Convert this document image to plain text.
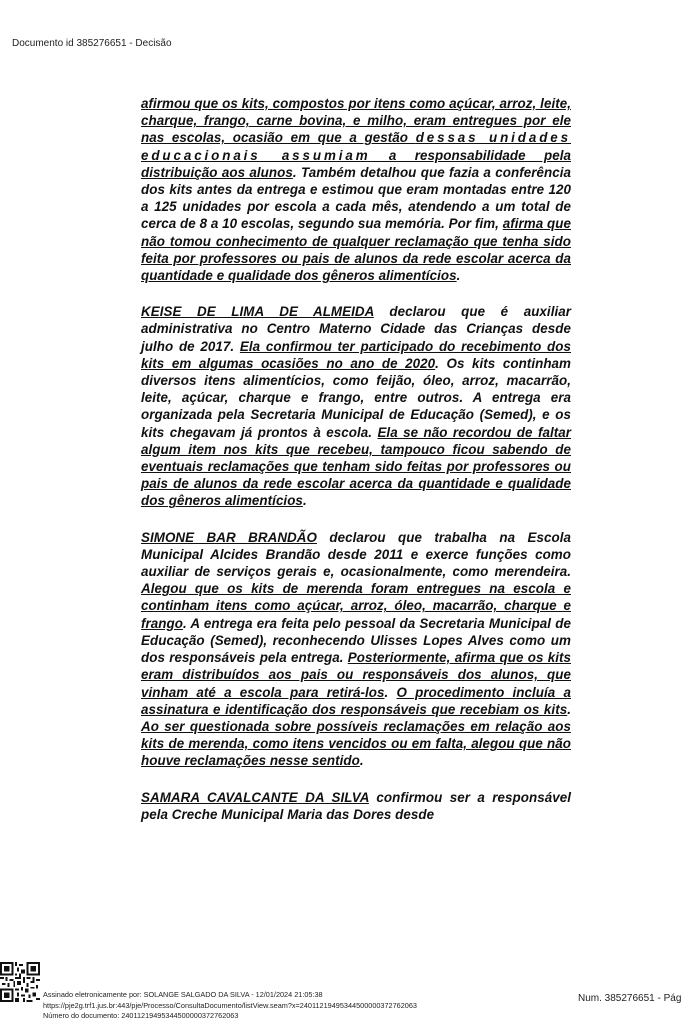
Documento id 385276651 - Decisão

afirmou que os kits, compostos por itens como açúcar, arroz, leite, charque, frango, carne bovina, e milho, eram entregues por ele nas escolas, ocasião em que a gestão dessas unidades educacionais assumiam a responsabilidade pela distribuição aos alunos. Também detalhou que fazia a conferência dos kits antes da entrega e estimou que eram montadas entre 120 a 125 unidades por escola a cada mês, atendendo a um total de cerca de 8 a 10 escolas, segundo sua memória. Por fim, afirma que não tomou conhecimento de qualquer reclamação que tenha sido feita por professores ou pais de alunos da rede escolar acerca da quantidade e qualidade dos gêneros alimentícios.

KEISE DE LIMA DE ALMEIDA declarou que é auxiliar administrativa no Centro Materno Cidade das Crianças desde julho de 2017. Ela confirmou ter participado do recebimento dos kits em algumas ocasiões no ano de 2020. Os kits continham diversos itens alimentícios, como feijão, óleo, arroz, macarrão, leite, açúcar, charque e frango, entre outros. A entrega era organizada pela Secretaria Municipal de Educação (Semed), e os kits chegavam já prontos à escola. Ela se não recordou de faltar algum item nos kits que recebeu, tampouco ficou sabendo de eventuais reclamações que tenham sido feitas por professores ou pais de alunos da rede escolar acerca da quantidade e qualidade dos gêneros alimentícios.

SIMONE BAR BRANDÃO declarou que trabalha na Escola Municipal Alcides Brandão desde 2011 e exerce funções como auxiliar de serviços gerais e, ocasionalmente, como merendeira. Alegou que os kits de merenda foram entregues na escola e continham itens como açúcar, arroz, óleo, macarrão, charque e frango. A entrega era feita pelo pessoal da Secretaria Municipal de Educação (Semed), reconhecendo Ulisses Lopes Alves como um dos responsáveis pela entrega. Posteriormente, afirma que os kits eram distribuídos aos pais ou responsáveis dos alunos, que vinham até a escola para retirá-los. O procedimento incluía a assinatura e identificação dos responsáveis que recebiam os kits. Ao ser questionada sobre possíveis reclamações em relação aos kits de merenda, como itens vencidos ou em falta, alegou que não houve reclamações nesse sentido.

SAMARA CAVALCANTE DA SILVA confirmou ser a responsável pela Creche Municipal Maria das Dores desde

Assinado eletronicamente por: SOLANGE SALGADO DA SILVA - 12/01/2024 21:05:38
https://pje2g.trf1.jus.br:443/pje/Processo/ConsultaDocumento/listView.seam?x=24011219495344500000372762063
Número do documento: 24011219495344500000372762063
Num. 385276651 - Pág
